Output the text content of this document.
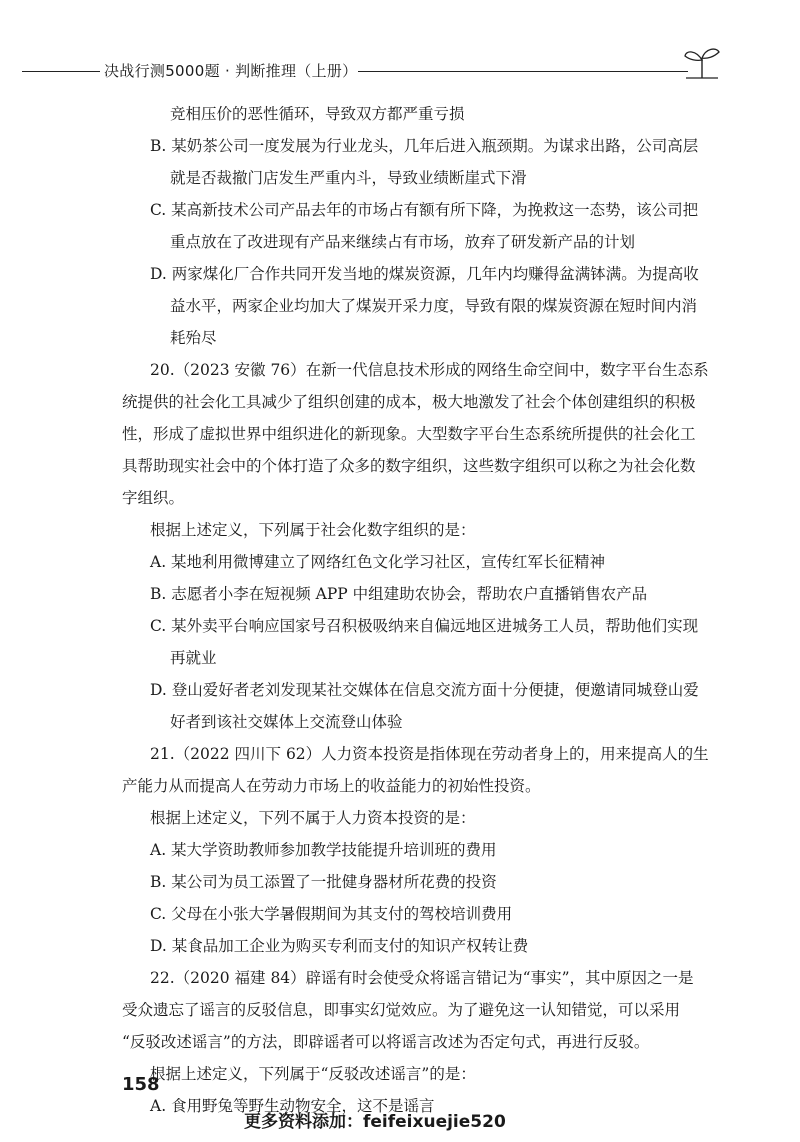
决战行测5000题 · 判断推理（上册）
竞相压价的恶性循环，导致双方都严重亏损
B. 某奶茶公司一度发展为行业龙头，几年后进入瓶颈期。为谋求出路，公司高层
就是否裁撤门店发生严重内斗，导致业绩断崖式下滑
C. 某高新技术公司产品去年的市场占有额有所下降，为挽救这一态势，该公司把
重点放在了改进现有产品来继续占有市场，放弃了研发新产品的计划
D. 两家煤化厂合作共同开发当地的煤炭资源，几年内均赚得盆满钵满。为提高收
益水平，两家企业均加大了煤炭开采力度，导致有限的煤炭资源在短时间内消
耗殆尽
20.（2023 安徽 76）在新一代信息技术形成的网络生命空间中，数字平台生态系
统提供的社会化工具减少了组织创建的成本，极大地激发了社会个体创建组织的积极
性，形成了虚拟世界中组织进化的新现象。大型数字平台生态系统所提供的社会化工
具帮助现实社会中的个体打造了众多的数字组织，这些数字组织可以称之为社会化数
字组织。
根据上述定义，下列属于社会化数字组织的是：
A. 某地利用微博建立了网络红色文化学习社区，宣传红军长征精神
B. 志愿者小李在短视频 APP 中组建助农协会，帮助农户直播销售农产品
C. 某外卖平台响应国家号召积极吸纳来自偏远地区进城务工人员，帮助他们实现
再就业
D. 登山爱好者老刘发现某社交媒体在信息交流方面十分便捷，便邀请同城登山爱
好者到该社交媒体上交流登山体验
21.（2022 四川下 62）人力资本投资是指体现在劳动者身上的，用来提高人的生
产能力从而提高人在劳动力市场上的收益能力的初始性投资。
根据上述定义，下列不属于人力资本投资的是：
A. 某大学资助教师参加教学技能提升培训班的费用
B. 某公司为员工添置了一批健身器材所花费的投资
C. 父母在小张大学暑假期间为其支付的驾校培训费用
D. 某食品加工企业为购买专利而支付的知识产权转让费
22.（2020 福建 84）辟谣有时会使受众将谣言错记为“事实”，其中原因之一是
受众遗忘了谣言的反驳信息，即事实幻觉效应。为了避免这一认知错觉，可以采用
“反驳改述谣言”的方法，即辟谣者可以将谣言改述为否定句式，再进行反驳。
根据上述定义，下列属于“反驳改述谣言”的是：
A. 食用野兔等野生动物安全，这不是谣言
158
更多资料添加：feifeixuejie520
